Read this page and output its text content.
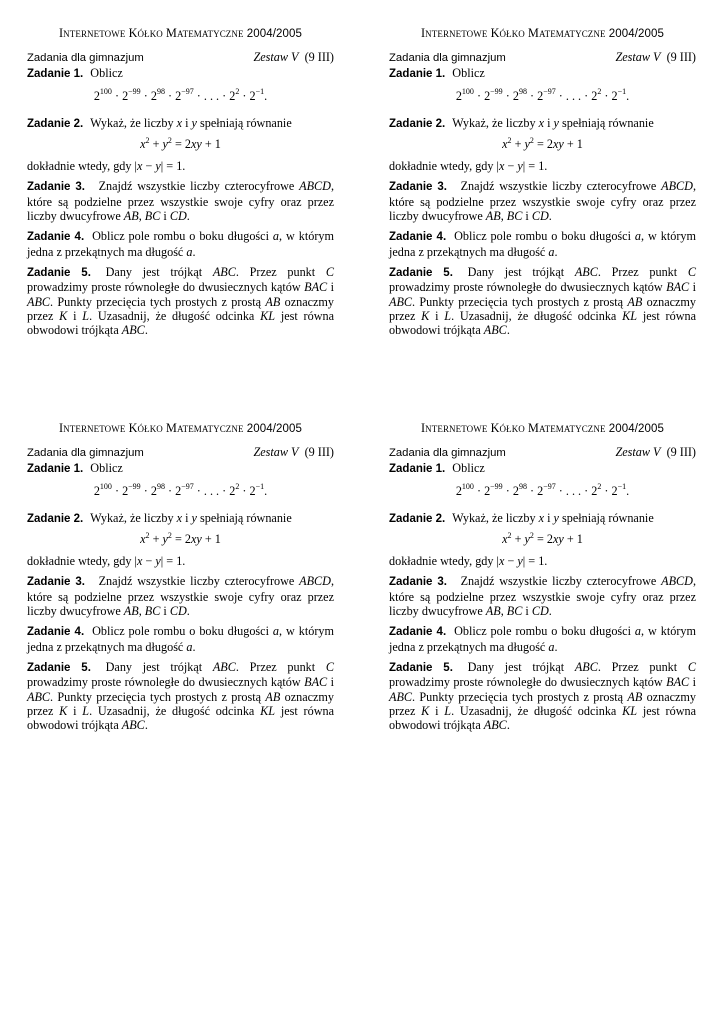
Internetowe Kółko Matematyczne 2004/2005
Zadania dla gimnazjum	Zestaw V (9 III)
Zadanie 1. Oblicz
$2^{100} \cdot 2^{-99} \cdot 2^{98} \cdot 2^{-97}$ · . . . · $2^2 \cdot 2^{-1}$.
Zadanie 2. Wykaż, że liczby x i y spełniają równanie
$x^2 + y^2 = 2xy + 1$
dokładnie wtedy, gdy |x − y| = 1.
Zadanie 3.  Znajdź wszystkie liczby czterocyfrowe ABCD, które są podzielne przez wszystkie swoje cyfry oraz przez liczby dwucyfrowe AB, BC i CD.
Zadanie 4. Oblicz pole rombu o boku długości a, w którym jedna z przekątnych ma długość a.
Zadanie 5. Dany jest trójkąt ABC. Przez punkt C prowadzimy proste równoległe do dwusiecznych kątów BAC i ABC. Punkty przecięcia tych prostych z prostą AB oznaczmy przez K i L. Uzasadnij, że długość odcinka KL jest równa obwodowi trójkąta ABC.
Internetowe Kółko Matematyczne 2004/2005
Zadania dla gimnazjum	Zestaw V (9 III)
Zadanie 1. Oblicz
$2^{100} \cdot 2^{-99} \cdot 2^{98} \cdot 2^{-97}$ · . . . · $2^2 \cdot 2^{-1}$.
Zadanie 2. Wykaż, że liczby x i y spełniają równanie
$x^2 + y^2 = 2xy + 1$
dokładnie wtedy, gdy |x − y| = 1.
Zadanie 3.  Znajdź wszystkie liczby czterocyfrowe ABCD, które są podzielne przez wszystkie swoje cyfry oraz przez liczby dwucyfrowe AB, BC i CD.
Zadanie 4. Oblicz pole rombu o boku długości a, w którym jedna z przekątnych ma długość a.
Zadanie 5. Dany jest trójkąt ABC. Przez punkt C prowadzimy proste równoległe do dwusiecznych kątów BAC i ABC. Punkty przecięcia tych prostych z prostą AB oznaczmy przez K i L. Uzasadnij, że długość odcinka KL jest równa obwodowi trójkąta ABC.
Internetowe Kółko Matematyczne 2004/2005
Zadania dla gimnazjum	Zestaw V (9 III)
Zadanie 1. Oblicz
$2^{100} \cdot 2^{-99} \cdot 2^{98} \cdot 2^{-97}$ · . . . · $2^2 \cdot 2^{-1}$.
Zadanie 2. Wykaż, że liczby x i y spełniają równanie
$x^2 + y^2 = 2xy + 1$
dokładnie wtedy, gdy |x − y| = 1.
Zadanie 3.  Znajdź wszystkie liczby czterocyfrowe ABCD, które są podzielne przez wszystkie swoje cyfry oraz przez liczby dwucyfrowe AB, BC i CD.
Zadanie 4. Oblicz pole rombu o boku długości a, w którym jedna z przekątnych ma długość a.
Zadanie 5. Dany jest trójkąt ABC. Przez punkt C prowadzimy proste równoległe do dwusiecznych kątów BAC i ABC. Punkty przecięcia tych prostych z prostą AB oznaczmy przez K i L. Uzasadnij, że długość odcinka KL jest równa obwodowi trójkąta ABC.
Internetowe Kółko Matematyczne 2004/2005
Zadania dla gimnazjum	Zestaw V (9 III)
Zadanie 1. Oblicz
$2^{100} \cdot 2^{-99} \cdot 2^{98} \cdot 2^{-97}$ · . . . · $2^2 \cdot 2^{-1}$.
Zadanie 2. Wykaż, że liczby x i y spełniają równanie
$x^2 + y^2 = 2xy + 1$
dokładnie wtedy, gdy |x − y| = 1.
Zadanie 3.  Znajdź wszystkie liczby czterocyfrowe ABCD, które są podzielne przez wszystkie swoje cyfry oraz przez liczby dwucyfrowe AB, BC i CD.
Zadanie 4. Oblicz pole rombu o boku długości a, w którym jedna z przekątnych ma długość a.
Zadanie 5. Dany jest trójkąt ABC. Przez punkt C prowadzimy proste równoległe do dwusiecznych kątów BAC i ABC. Punkty przecięcia tych prostych z prostą AB oznaczmy przez K i L. Uzasadnij, że długość odcinka KL jest równa obwodowi trójkąta ABC.
